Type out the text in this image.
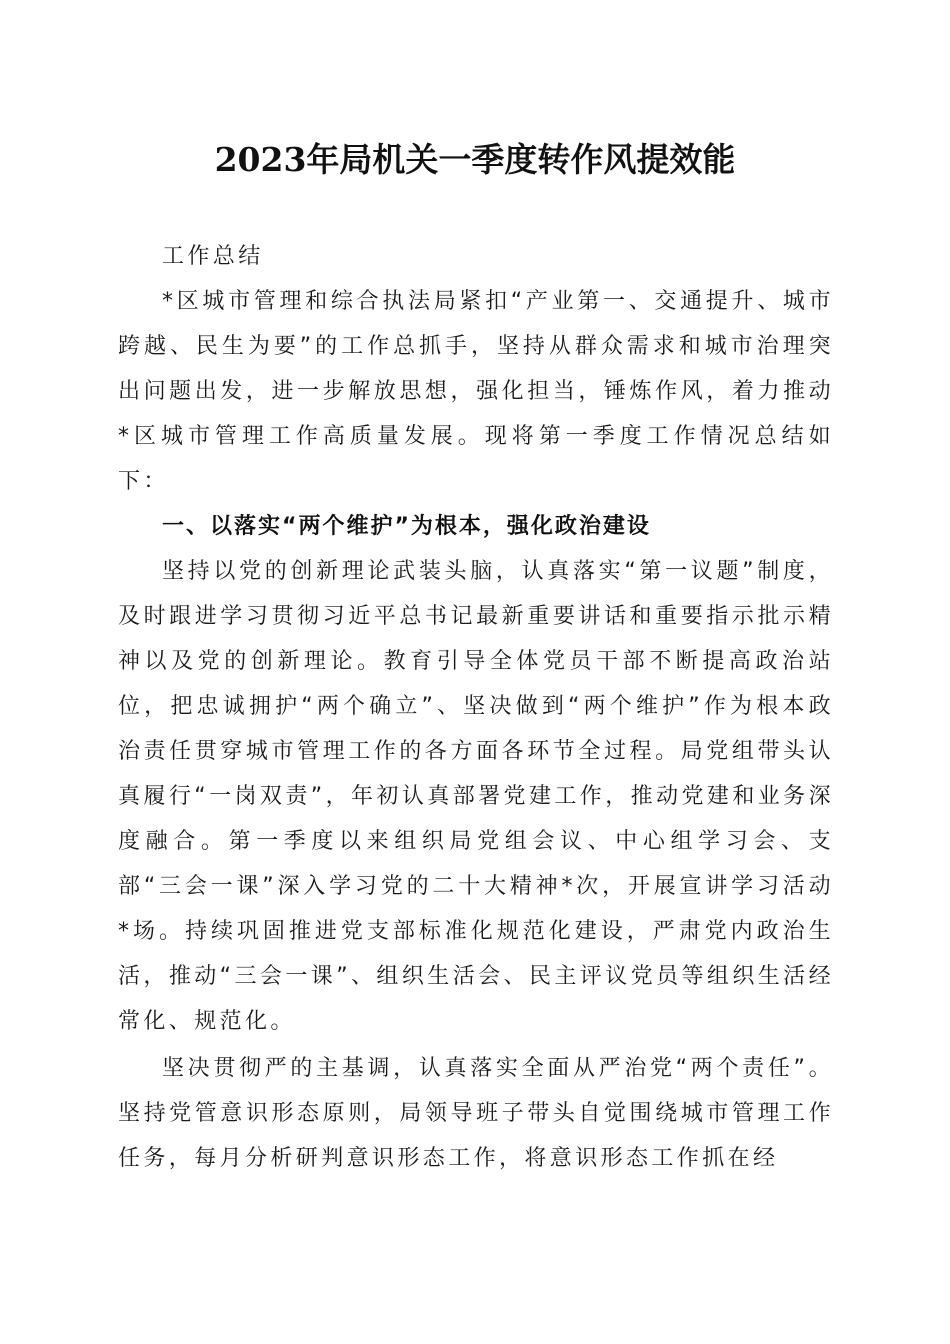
2023年局机关一季度转作风提效能

工作总结

*区城市管理和综合执法局紧扣“产业第一、交通提升、城市跨越、民生为要”的工作总抓手，坚持从群众需求和城市治理突出问题出发，进一步解放思想，强化担当，锤炼作风，着力推动*区城市管理工作高质量发展。现将第一季度工作情况总结如下：

一、以落实“两个维护”为根本，强化政治建设

坚持以党的创新理论武装头脑，认真落实“第一议题”制度，及时跟进学习贯彻习近平总书记最新重要讲话和重要指示批示精神以及党的创新理论。教育引导全体党员干部不断提高政治站位，把忠诚拥护“两个确立”、坚决做到“两个维护”作为根本政治责任贯穿城市管理工作的各方面各环节全过程。局党组带头认真履行“一岗双责”，年初认真部署党建工作，推动党建和业务深度融合。第一季度以来组织局党组会议、中心组学习会、支部“三会一课”深入学习党的二十大精神*次，开展宣讲学习活动*场。持续巩固推进党支部标准化规范化建设，严肃党内政治生活，推动“三会一课”、组织生活会、民主评议党员等组织生活经常化、规范化。

坚决贯彻严的主基调，认真落实全面从严治党“两个责任”。坚持党管意识形态原则，局领导班子带头自觉围绕城市管理工作任务，每月分析研判意识形态工作，将意识形态工作抓在经
